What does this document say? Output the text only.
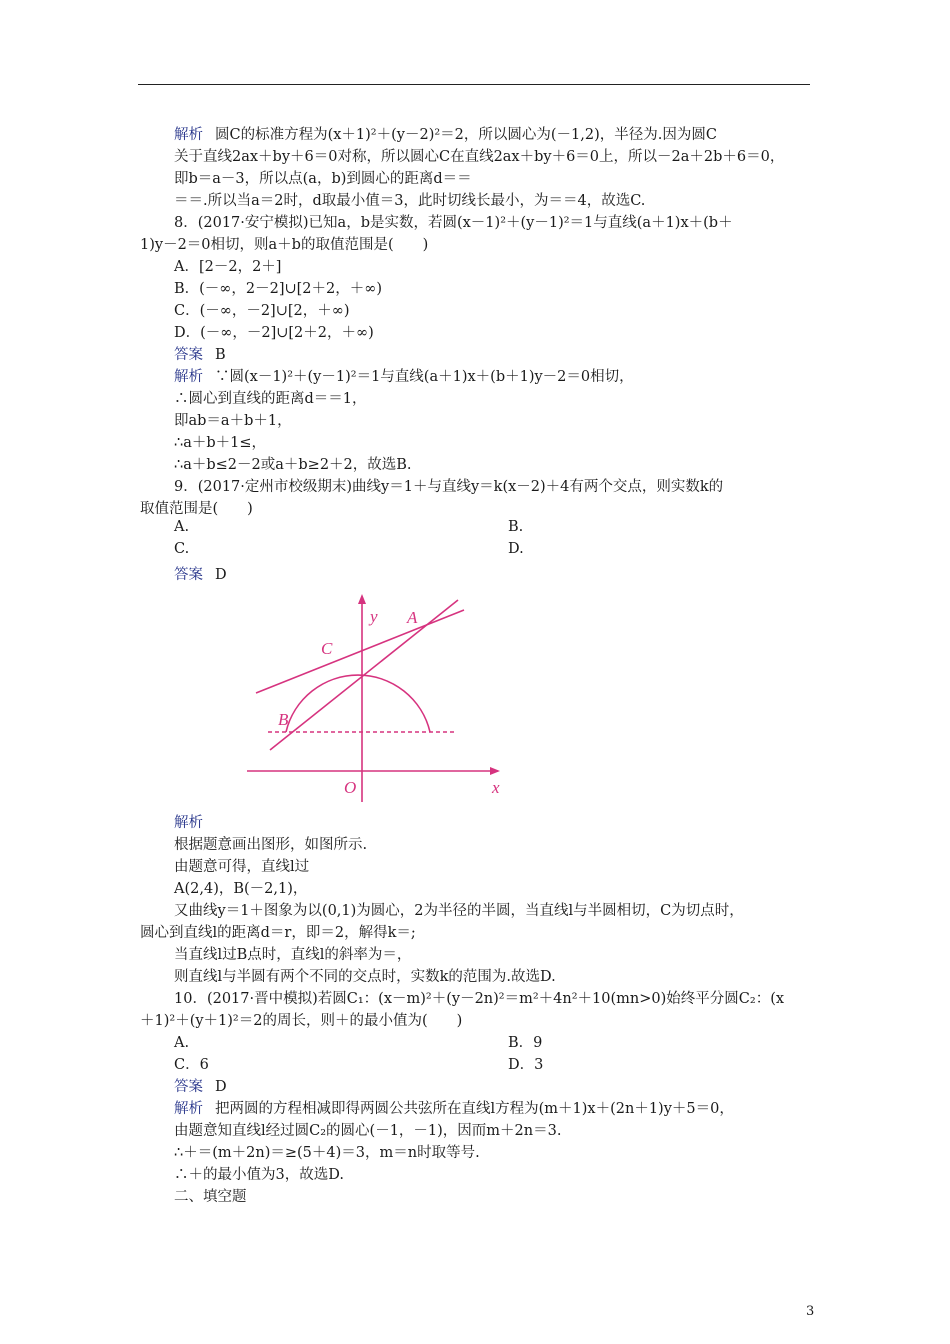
解析 圆C的标准方程为(x＋1)²＋(y－2)²＝2，所以圆心为(－1,2)，半径为.因为圆C
关于直线2ax＋by＋6＝0对称，所以圆心C在直线2ax＋by＋6＝0上，所以－2a＋2b＋6＝0，
即b＝a－3，所以点(a，b)到圆心的距离d＝＝
＝＝.所以当a＝2时，d取最小值＝3，此时切线长最小，为＝＝4，故选C.
8．(2017·安宁模拟)已知a，b是实数，若圆(x－1)²＋(y－1)²＝1与直线(a＋1)x＋(b＋
1)y－2＝0相切，则a＋b的取值范围是(　　)
A．[2－2，2＋]
B．(－∞，2－2]∪[2＋2，＋∞)
C．(－∞，－2]∪[2，＋∞)
D．(－∞，－2]∪[2＋2，＋∞)
答案 B
解析 ∵圆(x－1)²＋(y－1)²＝1与直线(a＋1)x＋(b＋1)y－2＝0相切，
∴圆心到直线的距离d＝＝1，
即ab＝a＋b＋1，
∴a＋b＋1≤，
∴a＋b≤2－2或a＋b≥2＋2，故选B.
9．(2017·定州市校级期末)曲线y＝1＋与直线y＝k(x－2)＋4有两个交点，则实数k的
取值范围是(　　)
答案 D
解析
根据题意画出图形，如图所示.
由题意可得，直线l过
A(2,4)，B(－2,1)，
又曲线y＝1＋图象为以(0,1)为圆心，2为半径的半圆，当直线l与半圆相切，C为切点时，
圆心到直线l的距离d＝r，即＝2，解得k＝;
当直线l过B点时，直线l的斜率为＝，
则直线l与半圆有两个不同的交点时，实数k的范围为.故选D.
10．(2017·晋中模拟)若圆C₁：(x－m)²＋(y－2n)²＝m²＋4n²＋10(mn>0)始终平分圆C₂：(x
＋1)²＋(y＋1)²＝2的周长，则＋的最小值为(　　)
答案 D
解析 把两圆的方程相减即得两圆公共弦所在直线l方程为(m＋1)x＋(2n＋1)y＋5＝0，
由题意知直线l经过圆C₂的圆心(－1，－1)，因而m＋2n＝3.
∴＋＝(m＋2n)＝≥(5＋4)＝3，m＝n时取等号.
∴＋的最小值为3，故选D.
二、填空题
A.	B.
C.	D.
A.	B．9
C．6	D．3
y A
C
B
O	x
3
